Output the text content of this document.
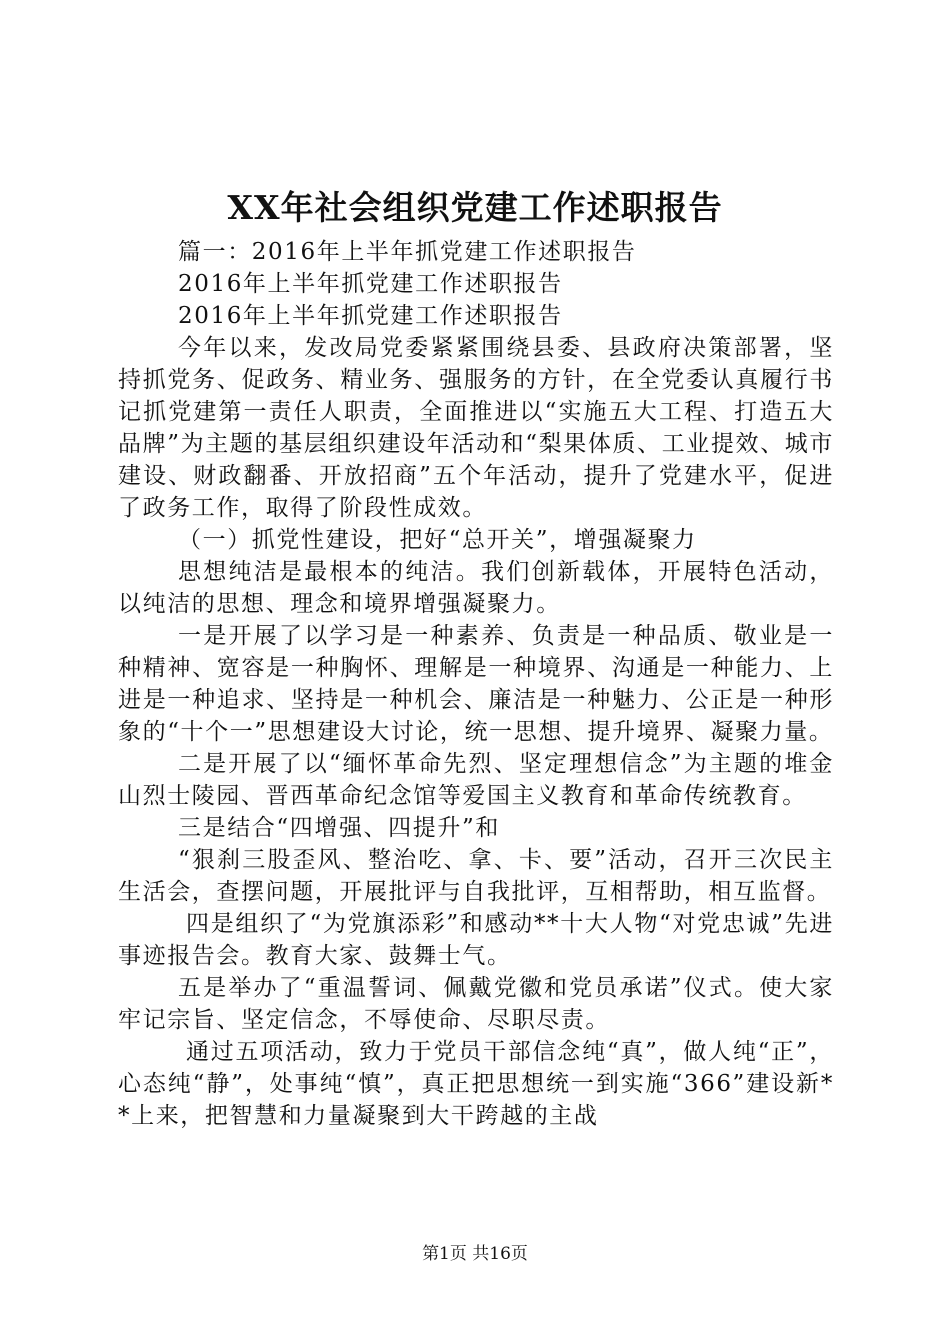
XX年社会组织党建工作述职报告

篇一：2016年上半年抓党建工作述职报告

2016年上半年抓党建工作述职报告

2016年上半年抓党建工作述职报告

今年以来，发改局党委紧紧围绕县委、县政府决策部署，坚持抓党务、促政务、精业务、强服务的方针，在全党委认真履行书记抓党建第一责任人职责，全面推进以“实施五大工程、打造五大品牌”为主题的基层组织建设年活动和“梨果体质、工业提效、城市建设、财政翻番、开放招商”五个年活动，提升了党建水平，促进了政务工作，取得了阶段性成效。

（一）抓党性建设，把好“总开关”，增强凝聚力

思想纯洁是最根本的纯洁。我们创新载体，开展特色活动，以纯洁的思想、理念和境界增强凝聚力。

一是开展了以学习是一种素养、负责是一种品质、敬业是一种精神、宽容是一种胸怀、理解是一种境界、沟通是一种能力、上进是一种追求、坚持是一种机会、廉洁是一种魅力、公正是一种形象的“十个一”思想建设大讨论，统一思想、提升境界、凝聚力量。

二是开展了以“缅怀革命先烈、坚定理想信念”为主题的堆金山烈士陵园、晋西革命纪念馆等爱国主义教育和革命传统教育。

三是结合“四增强、四提升”和

“狠刹三股歪风、整治吃、拿、卡、要”活动，召开三次民主生活会，查摆问题，开展批评与自我批评，互相帮助，相互监督。

四是组织了“为党旗添彩”和感动**十大人物“对党忠诚”先进事迹报告会。教育大家、鼓舞士气。

五是举办了“重温誓词、佩戴党徽和党员承诺”仪式。使大家牢记宗旨、坚定信念，不辱使命、尽职尽责。

通过五项活动，致力于党员干部信念纯“真”，做人纯“正”，心态纯“静”，处事纯“慎”，真正把思想统一到实施“366”建设新**上来，把智慧和力量凝聚到大干跨越的主战

第1页 共16页
